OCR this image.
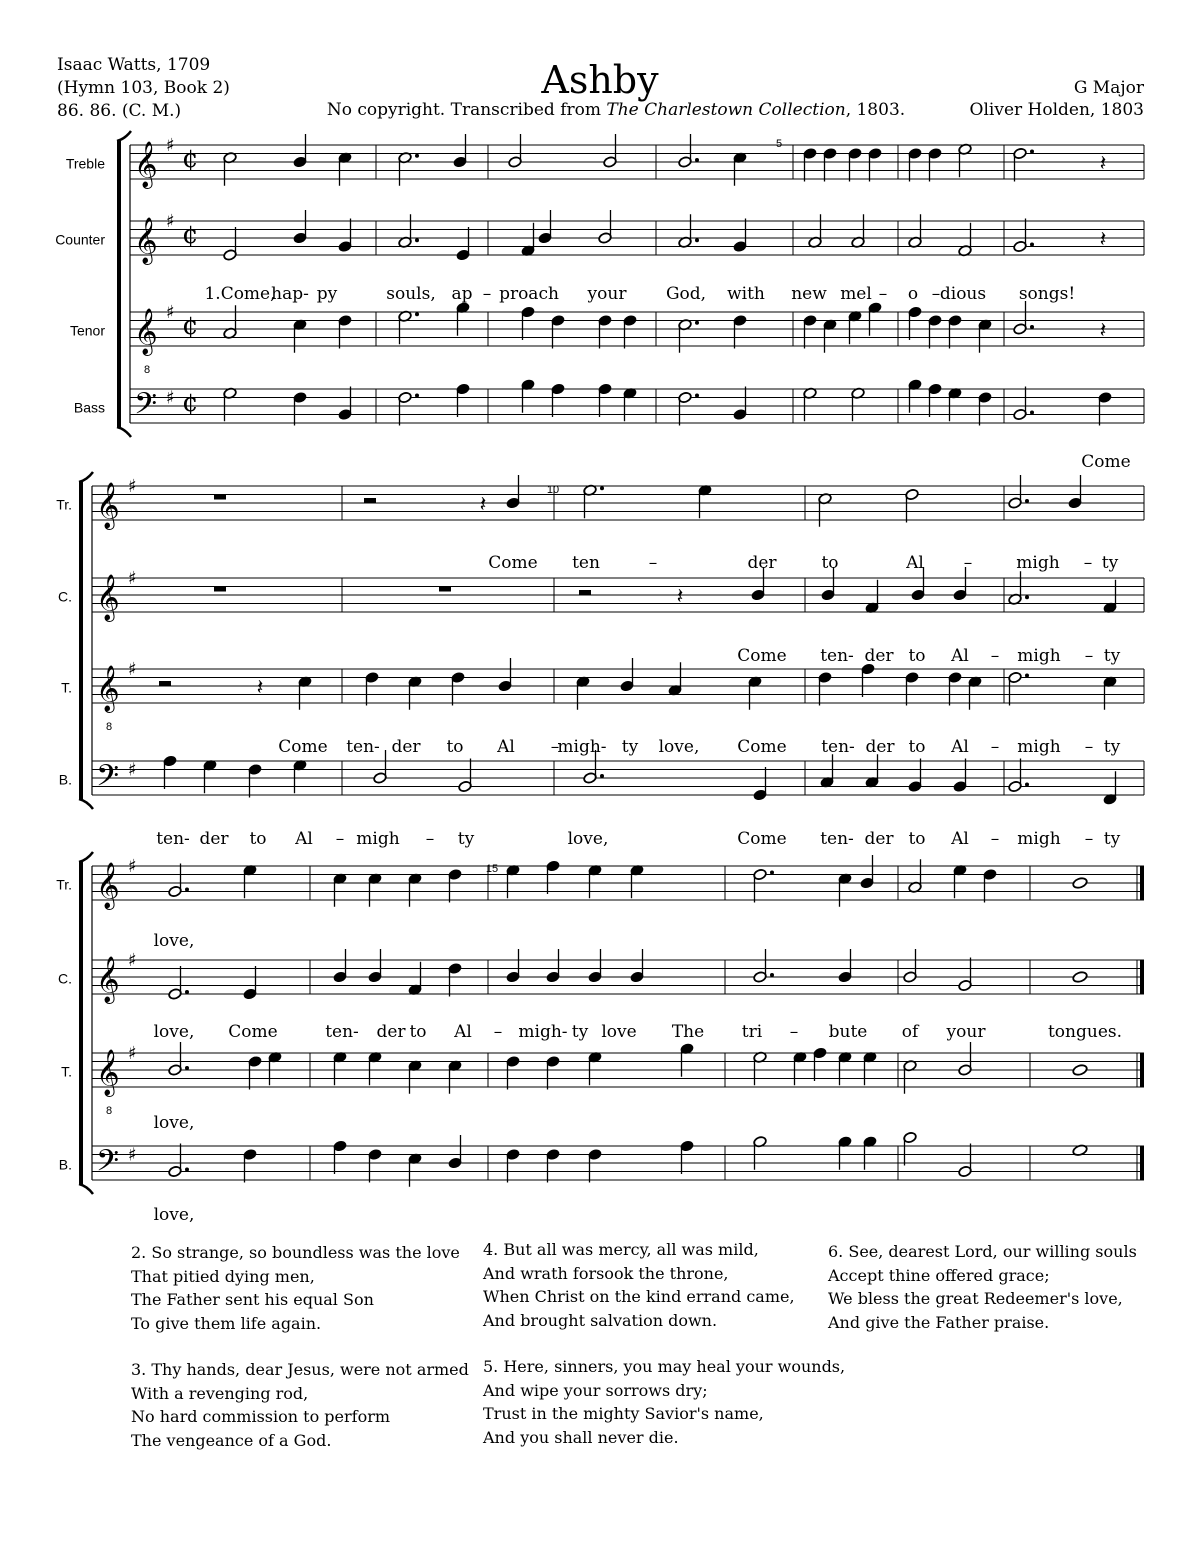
Isaac Watts, 1709
(Hymn 103, Book 2)
86. 86. (C. M.)
Ashby
No copyright. Transcribed from The Charlestown Collection, 1803.
G Major
Oliver Holden, 1803
Treble 𝄞 ♯ ¢
Counter 𝄞 ♯ ¢
Tenor 𝄞
8
♯ ¢
Bass 𝄢 ♯ ¢
Tr. 𝄞 ♯
C. 𝄞 ♯
T. 𝄞
8
♯
B. 𝄢 ♯
Tr. 𝄞 ♯
C. 𝄞 ♯
T. 𝄞
8
♯
B. 𝄢 ♯
5
10
15
𝄽
𝄽
𝄽
𝄽
𝄽
𝄽
1.Come,
hap- py	souls, ap – proach your God, with new mel – o – dious songs!
Come
Come ten	–	der	to	Al –	migh – ty
Come ten- der to Al – migh – ty
Come ten- der to Al –
migh- ty love, Come ten- der to Al – migh – ty
ten- der to Al – migh – ty	love,	Come ten- der to Al – migh – ty
love,
love, Come	ten- der to Al – migh- ty love The tri – bute of your	tongues.
love,
love,
2. So strange, so boundless was the love
That pitied dying men,
The Father sent his equal Son
To give them life again.
3. Thy hands, dear Jesus, were not armed
With a revenging rod,
No hard commission to perform
The vengeance of a God.
4. But all was mercy, all was mild,
And wrath forsook the throne,
When Christ on the kind errand came,
And brought salvation down.
5. Here, sinners, you may heal your wounds,
And wipe your sorrows dry;
Trust in the mighty Savior's name,
And you shall never die.
6. See, dearest Lord, our willing souls
Accept thine offered grace;
We bless the great Redeemer's love,
And give the Father praise.
